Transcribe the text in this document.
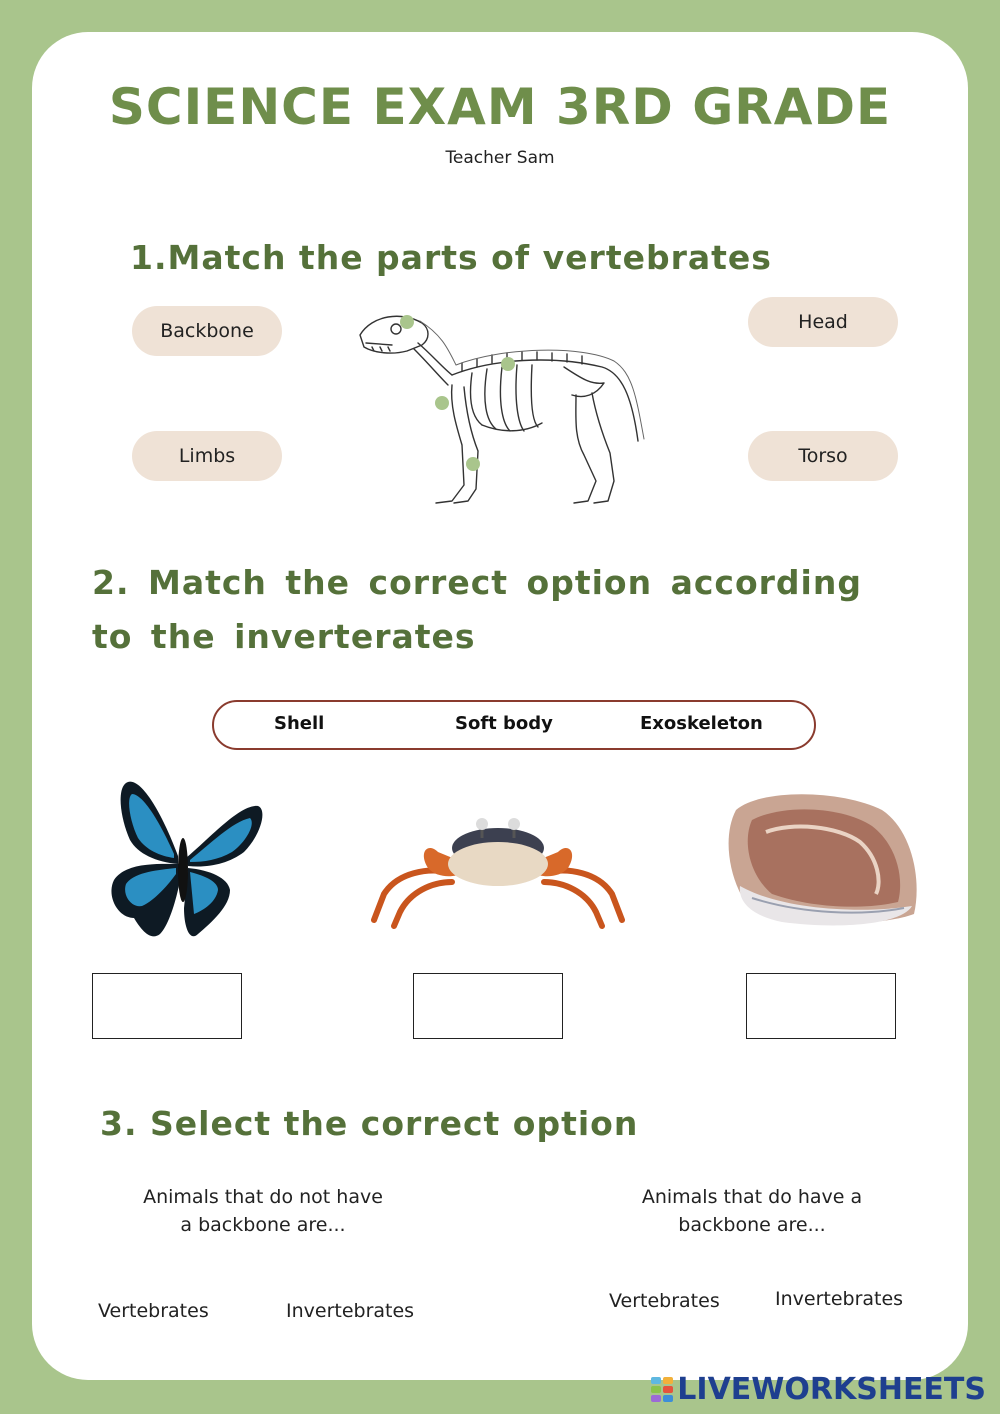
SCIENCE EXAM 3RD GRADE
Teacher Sam
1.Match the parts of vertebrates
Backbone	Head
Limbs	Torso
2. Match the correct option according to the inverterates
Shell	Soft body	Exoskeleton
3. Select the correct option
Animals that do not have
a backbone are...
Animals that do have a
backbone are...
Vertebrates	Invertebrates	Vertebrates	Invertebrates
LIVEWORKSHEETS
